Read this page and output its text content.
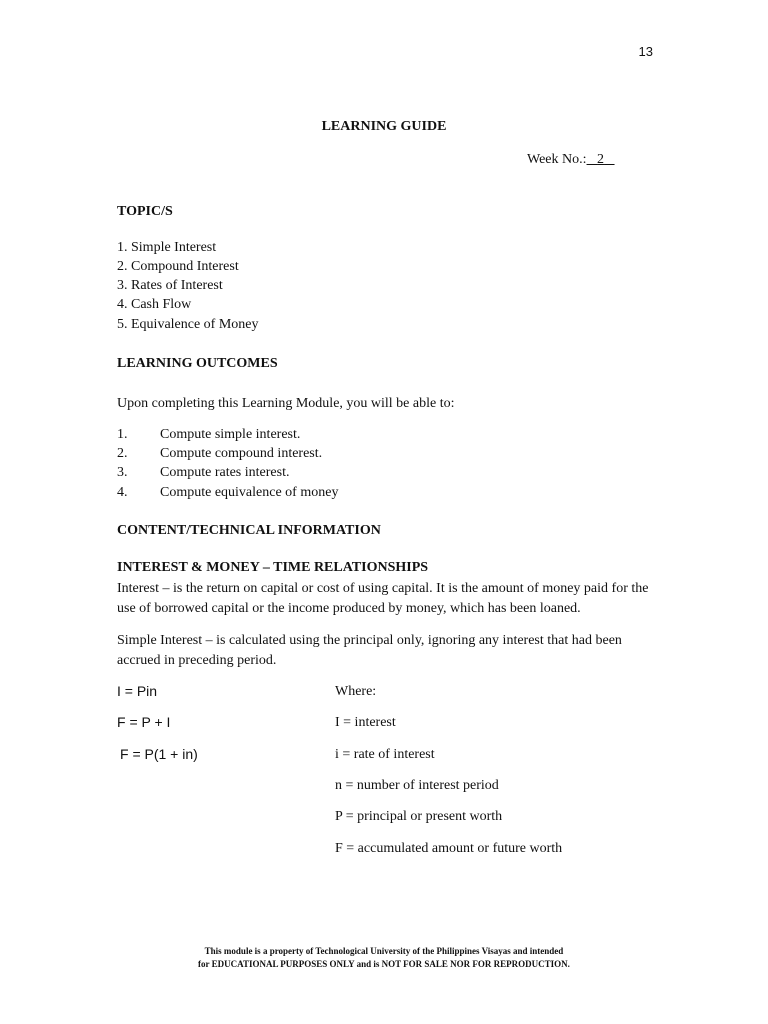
13
LEARNING GUIDE
Week No.: 2
TOPIC/S
1. Simple Interest
2. Compound Interest
3. Rates of Interest
4. Cash Flow
5. Equivalence of Money
LEARNING OUTCOMES
Upon completing this Learning Module, you will be able to:
1. Compute simple interest.
2. Compute compound interest.
3. Compute rates interest.
4. Compute equivalence of money
CONTENT/TECHNICAL INFORMATION
INTEREST & MONEY – TIME RELATIONSHIPS
Interest – is the return on capital or cost of using capital. It is the amount of money paid for the use of borrowed capital or the income produced by money, which has been loaned.
Simple Interest – is calculated using the principal only, ignoring any interest that had been accrued in preceding period.
I = Pin
F = P + I
F = P(1 + in)
Where:
I = interest
i = rate of interest
n = number of interest period
P = principal or present worth
F = accumulated amount or future worth
This module is a property of Technological University of the Philippines Visayas and intended
for EDUCATIONAL PURPOSES ONLY and is NOT FOR SALE NOR FOR REPRODUCTION.
